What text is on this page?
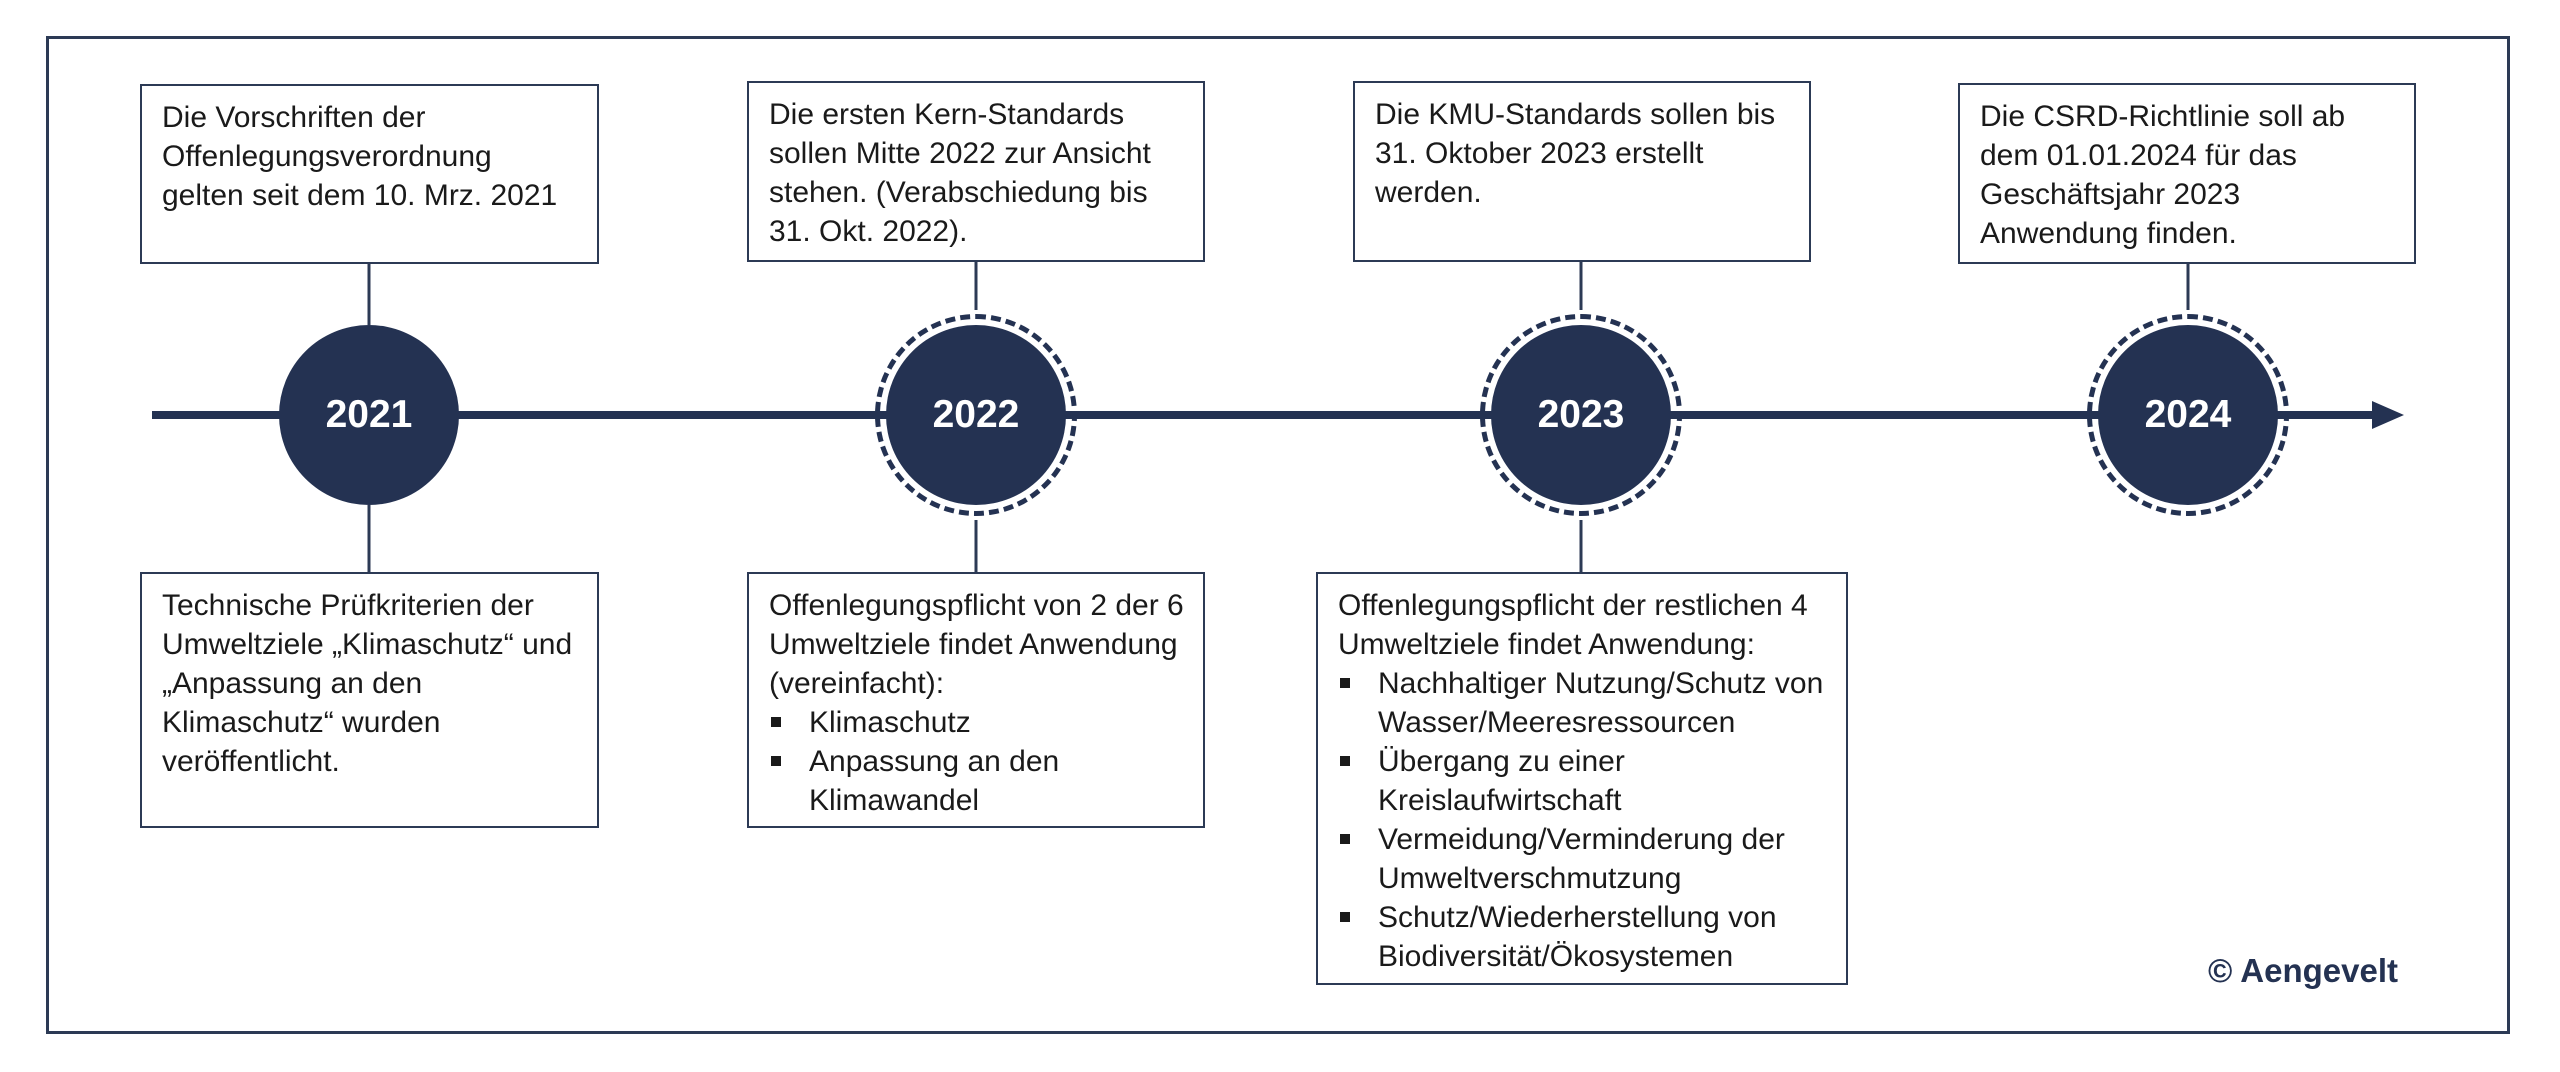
2021	2022	2023	2024

Die Vorschriften der Offenlegungsverordnung gelten seit dem 10. Mrz. 2021

Die ersten Kern-Standards sollen Mitte 2022 zur Ansicht stehen. (Verabschiedung bis 31. Okt. 2022).

Die KMU-Standards sollen bis 31. Oktober 2023 erstellt werden.

Die CSRD-Richtlinie soll ab dem 01.01.2024 für das Geschäftsjahr 2023 Anwendung finden.

Technische Prüfkriterien der Umweltziele „Klimaschutz“ und „Anpassung an den Klimaschutz“ wurden veröffentlicht.

Offenlegungspflicht von 2 der 6 Umweltziele findet Anwendung (vereinfacht):

Klimaschutz
Anpassung an den Klimawandel

Offenlegungspflicht der restlichen 4 Umweltziele findet Anwendung:

Nachhaltiger Nutzung/Schutz von Wasser/Meeresressourcen
Übergang zu einer Kreislaufwirtschaft
Vermeidung/Verminderung der Umweltverschmutzung
Schutz/Wiederherstellung von Biodiversität/Ökosystemen	© Aengevelt
